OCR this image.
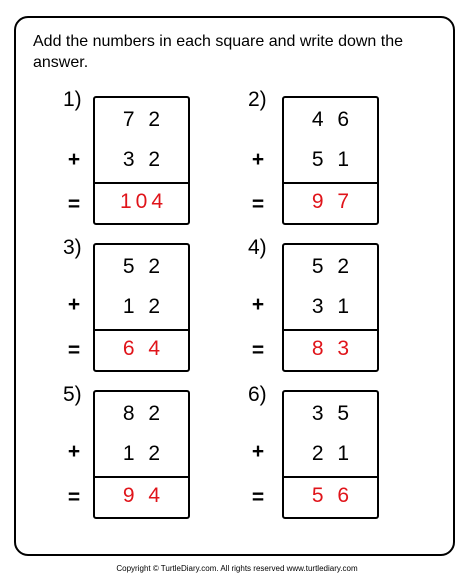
Add the numbers in each square and write down the answer.
1)
+
=
7 2
3 2
104
2)
+
=
4 6
5 1
9 7
3)
+
=
5 2
1 2
6 4
4)
+
=
5 2
3 1
8 3
5)
+
=
8 2
1 2
9 4
6)
+
=
3 5
2 1
5 6
Copyright © TurtleDiary.com. All rights reserved www.turtlediary.com
